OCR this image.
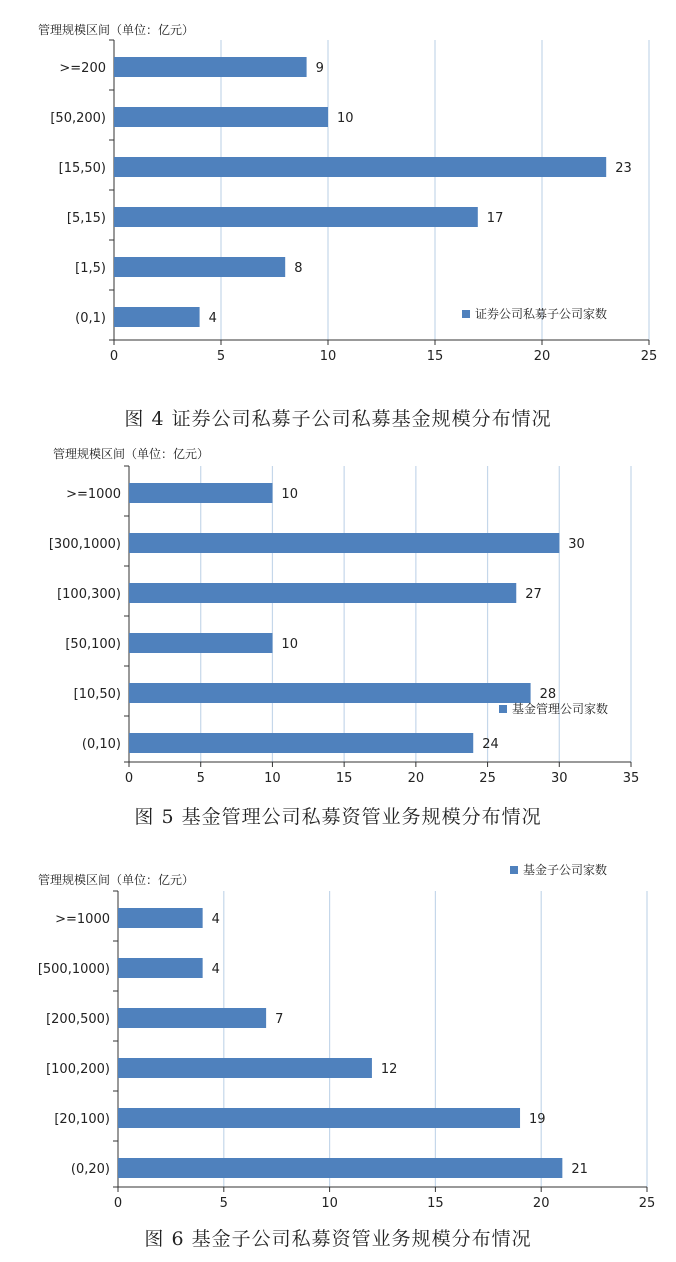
0	5	10	15	20	25
管理规模区间（单位：亿元）
>=200	9
[50,200)	10
[15,50)	23
[5,15)	17
[1,5)	8
(0,1)	4	证券公司私募子公司家数
图 4 证券公司私募子公司私募基金规模分布情况
0	5	10	15	20	25	30	35
管理规模区间（单位：亿元）
>=1000	10
[300,1000)	30
[100,300)	27
[50,100)	10
[10,50)	28
(0,10)	24
基金管理公司家数
图 5 基金管理公司私募资管业务规模分布情况
0	5	10	15	20	25
管理规模区间（单位：亿元）
>=1000	4
[500,1000)	4
[200,500)	7
[100,200)	12
[20,100)	19
(0,20)	21
基金子公司家数
图 6 基金子公司私募资管业务规模分布情况
